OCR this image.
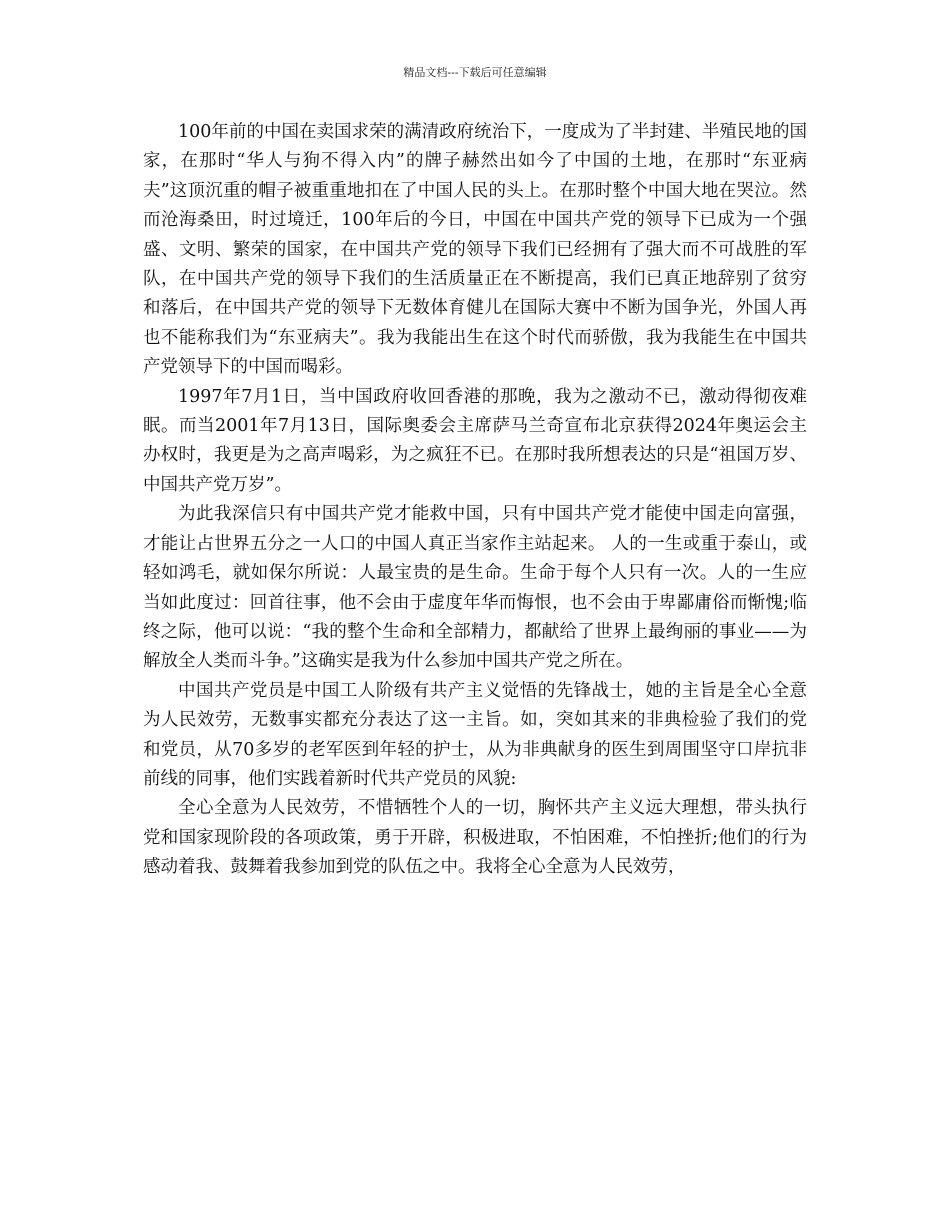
精品文档---下载后可任意编辑

100年前的中国在卖国求荣的满清政府统治下，一度成为了半封建、半殖民地的国家，在那时“华人与狗不得入内”的牌子赫然出如今了中国的土地，在那时“东亚病夫”这顶沉重的帽子被重重地扣在了中国人民的头上。在那时整个中国大地在哭泣。然而沧海桑田，时过境迁，100年后的今日，中国在中国共产党的领导下已成为一个强盛、文明、繁荣的国家，在中国共产党的领导下我们已经拥有了强大而不可战胜的军队，在中国共产党的领导下我们的生活质量正在不断提高，我们已真正地辞别了贫穷和落后，在中国共产党的领导下无数体育健儿在国际大赛中不断为国争光，外国人再也不能称我们为“东亚病夫”。我为我能出生在这个时代而骄傲，我为我能生在中国共产党领导下的中国而喝彩。

1997年7月1日，当中国政府收回香港的那晚，我为之激动不已，激动得彻夜难眠。而当2001年7月13日，国际奥委会主席萨马兰奇宣布北京获得2024年奥运会主办权时，我更是为之高声喝彩，为之疯狂不已。在那时我所想表达的只是“祖国万岁、中国共产党万岁”。

为此我深信只有中国共产党才能救中国，只有中国共产党才能使中国走向富强，才能让占世界五分之一人口的中国人真正当家作主站起来。 人的一生或重于泰山，或轻如鸿毛，就如保尔所说：人最宝贵的是生命。生命于每个人只有一次。人的一生应当如此度过：回首往事，他不会由于虚度年华而悔恨，也不会由于卑鄙庸俗而惭愧;临终之际，他可以说：“我的整个生命和全部精力，都献给了世界上最绚丽的事业——为解放全人类而斗争。”这确实是我为什么参加中国共产党之所在。

中国共产党员是中国工人阶级有共产主义觉悟的先锋战士，她的主旨是全心全意为人民效劳，无数事实都充分表达了这一主旨。如，突如其来的非典检验了我们的党和党员，从70多岁的老军医到年轻的护士，从为非典献身的医生到周围坚守口岸抗非前线的同事，他们实践着新时代共产党员的风貌:

全心全意为人民效劳，不惜牺牲个人的一切，胸怀共产主义远大理想，带头执行党和国家现阶段的各项政策，勇于开辟，积极进取，不怕困难，不怕挫折;他们的行为感动着我、鼓舞着我参加到党的队伍之中。我将全心全意为人民效劳，
